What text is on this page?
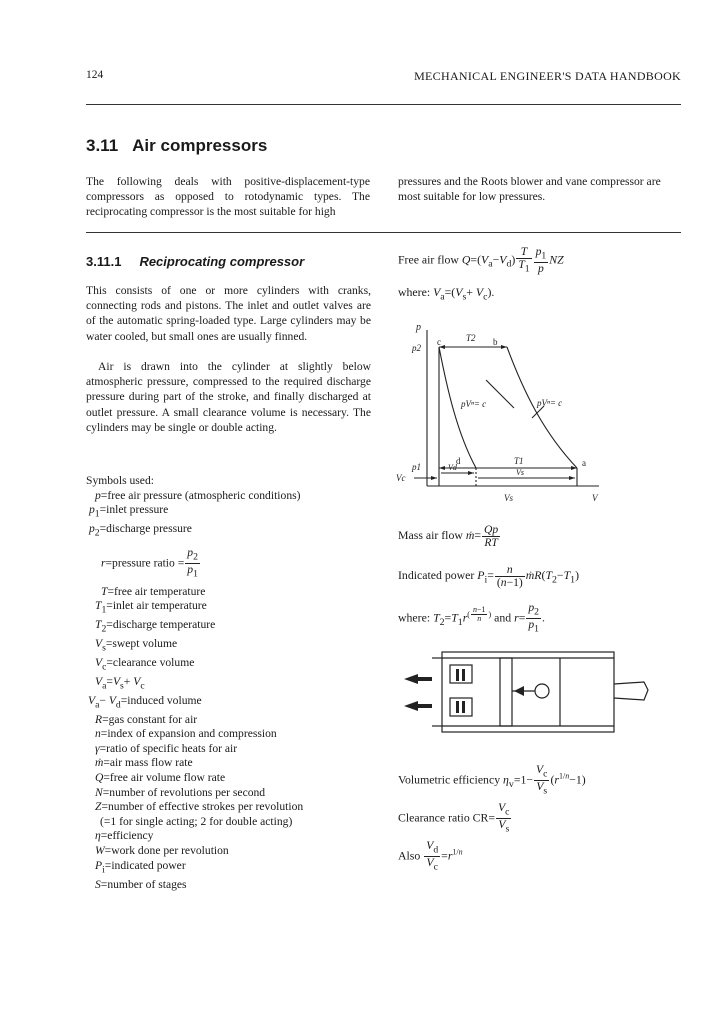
124	MECHANICAL ENGINEER'S DATA HANDBOOK
3.11 Air compressors
The following deals with positive-displacement-type compressors as opposed to rotodynamic types. The reciprocating compressor is the most suitable for high
pressures and the Roots blower and vane compressor are most suitable for low pressures.
3.11.1 Reciprocating compressor
This consists of one or more cylinders with cranks, connecting rods and pistons. The inlet and outlet valves are of the automatic spring-loaded type. Large cylinders may be water cooled, but small ones are usually finned.
Air is drawn into the cylinder at slightly below atmospheric pressure, compressed to the required discharge pressure during part of the stroke, and finally discharged at outlet pressure. A small clearance volume is necessary. The cylinders may be single or double acting.
Symbols used:
p=free air pressure (atmospheric conditions)
$p_1=inlet$ pressure
$p_2=discharge$ pressure
r=pressure ratio = $\frac{p_2}{p_1}$
T=free air temperature
$T_1=inlet$ air temperature
$T_2=discharge$ temperature
$V_s=swept$ volume
$V_c=clearance$ volume
$V_a=V_s+ V_c$
$V_a-$ $V_d=induced$ volume
R=gas constant for air
n=index of expansion and compression
γ=ratio of specific heats for air
ṁ=air mass flow rate
Q=free air volume flow rate
N=number of revolutions per second
Z=number of effective strokes per revolution
(=1 for single acting; 2 for double acting)
η=efficiency
W=work done per revolution
$P_i=indicated$ power
S=number of stages
Free air flow $Q=(V_a-V_d) \frac{T}{T_1} \frac{p_1}{p}$ NZ
where: $V_a=(V_s+ V_c)$.
p
p2
p1
c	T2 b
pVⁿ= c	pVⁿ= c
d	T1	a
Vc
Vd
Vs
Vs	V
Mass air flow ṁ= $\frac{Qp}{RT}$
Indicated power $P_i= \frac{n}{(n-1)}$ $ṁR(T_2-T_1)$
where: $T_2=T_1r^{( \frac{n-1}{n} )}$ and $r= \frac{p_2}{p_1}$ .
Volumetric efficiency $\eta_v=1- \frac{V_c}{V_s} (r^{1/n}-1)$
Clearance ratio $CR= \frac{V_c}{V_s}$
Also $\frac{V_d}{V_c} =r^{1/n}$
